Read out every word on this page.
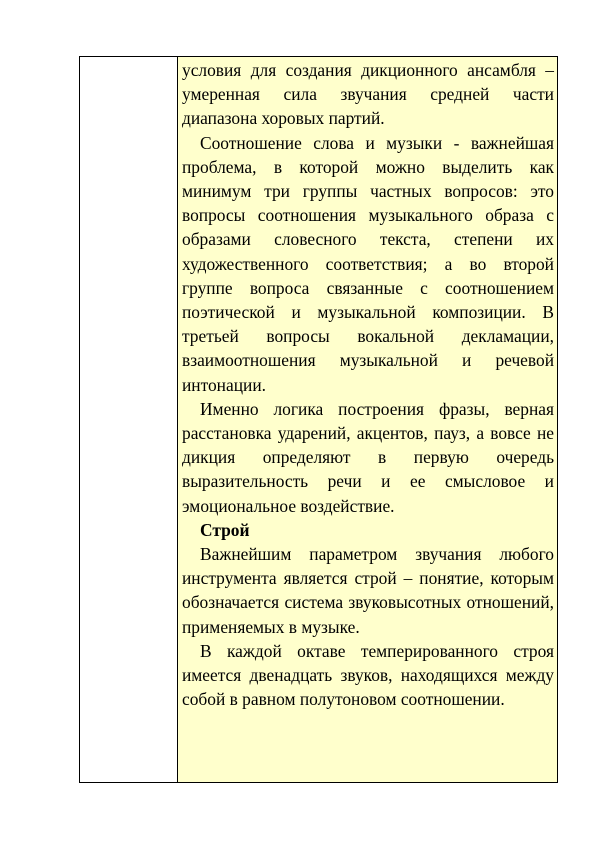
условия для создания дикционного ансамбля – умеренная сила звучания средней части диапазона хоровых партий.

Соотношение слова и музыки - важнейшая проблема, в которой можно выделить как минимум три группы частных вопросов: это вопросы соотношения музыкального образа с образами словесного текста, степени их художественного соответствия; а во второй группе вопроса связанные с соотношением поэтической и музыкальной композиции. В третьей вопросы вокальной декламации, взаимоотношения музыкальной и речевой интонации.

Именно логика построения фразы, верная расстановка ударений, акцентов, пауз, а вовсе не дикция определяют в первую очередь выразительность речи и ее смысловое и эмоциональное воздействие.

Строй

Важнейшим параметром звучания любого инструмента является строй – понятие, которым обозначается система звуковысотных отношений, применяемых в музыке.

В каждой октаве темперированного строя имеется двенадцать звуков, находящихся между собой в равном полутоновом соотношении.
